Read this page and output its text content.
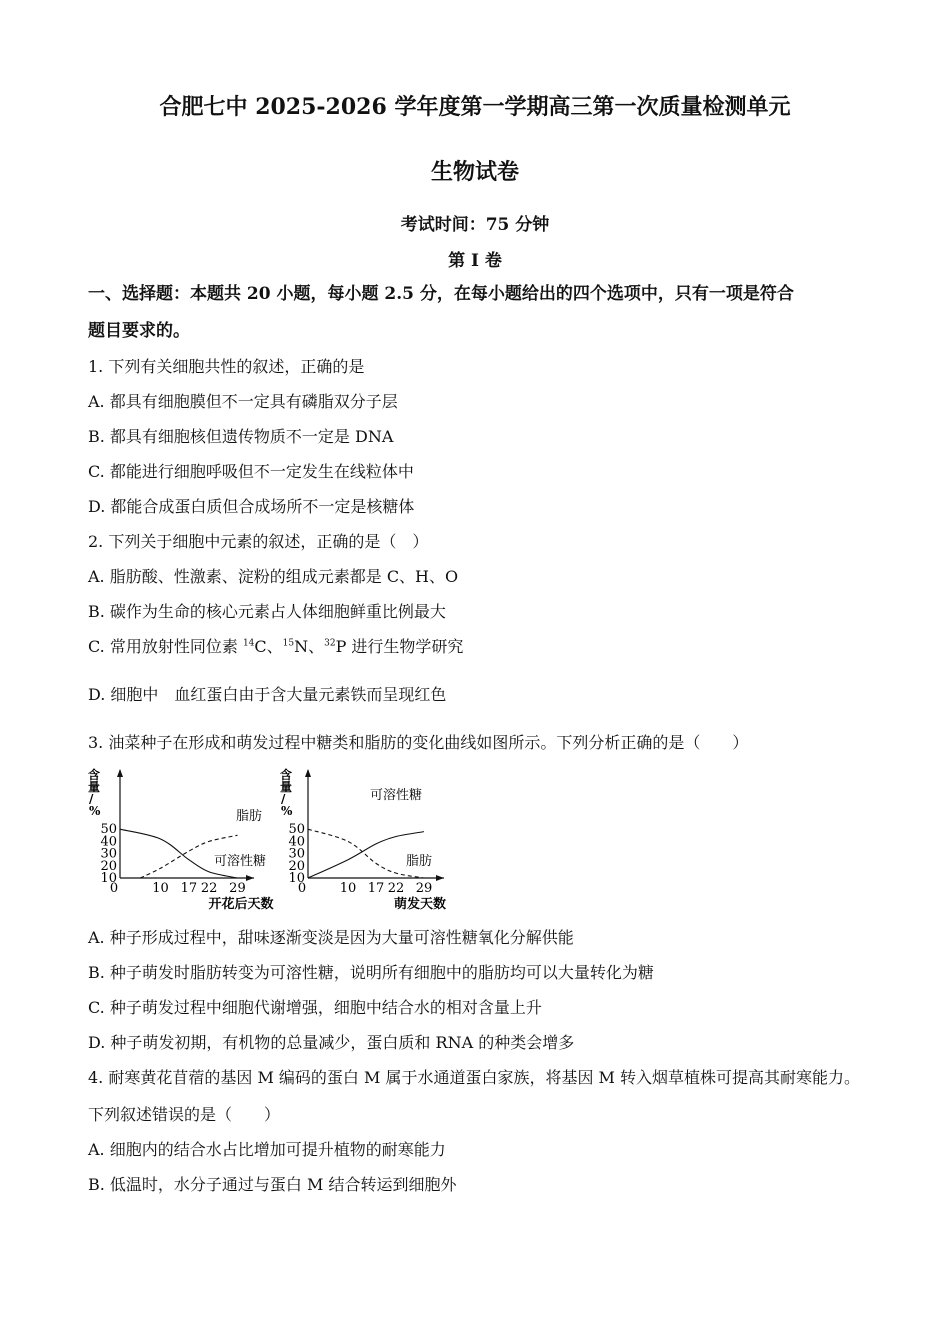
合肥七中 2025-2026 学年度第一学期高三第一次质量检测单元
生物试卷
考试时间：75 分钟
第 I 卷
一、选择题：本题共 20 小题，每小题 2.5 分，在每小题给出的四个选项中，只有一项是符合
题目要求的。
1. 下列有关细胞共性的叙述，正确的是
A. 都具有细胞膜但不一定具有磷脂双分子层
B. 都具有细胞核但遗传物质不一定是 DNA
C. 都能进行细胞呼吸但不一定发生在线粒体中
D. 都能合成蛋白质但合成场所不一定是核糖体
2. 下列关于细胞中元素的叙述，正确的是（　）
A. 脂肪酸、性激素、淀粉的组成元素都是 C、H、O
B. 碳作为生命的核心元素占人体细胞鲜重比例最大
C. 常用放射性同位素 $^{14}$C、$^{15}$N、$^{32}$P 进行生物学研究
D. 细胞中　血红蛋白由于含大量元素铁而呈现红色
3. 油菜种子在形成和萌发过程中糖类和脂肪的变化曲线如图所示。下列分析正确的是（　　）
含量/ %
50
40
30
20
10
0	10 17 22 29
开花后天数
脂肪
可溶性糖
含量/ %
50
40
30
20
10
0	10 17 22 29
萌发天数
可溶性糖
脂肪
A. 种子形成过程中，甜味逐渐变淡是因为大量可溶性糖氧化分解供能
B. 种子萌发时脂肪转变为可溶性糖，说明所有细胞中的脂肪均可以大量转化为糖
C. 种子萌发过程中细胞代谢增强，细胞中结合水的相对含量上升
D. 种子萌发初期，有机物的总量减少，蛋白质和 RNA 的种类会增多
4. 耐寒黄花苜蓿的基因 M 编码的蛋白 M 属于水通道蛋白家族，将基因 M 转入烟草植株可提高其耐寒能力。
下列叙述错误的是（　　）
A. 细胞内的结合水占比增加可提升植物的耐寒能力
B. 低温时，水分子通过与蛋白 M 结合转运到细胞外
